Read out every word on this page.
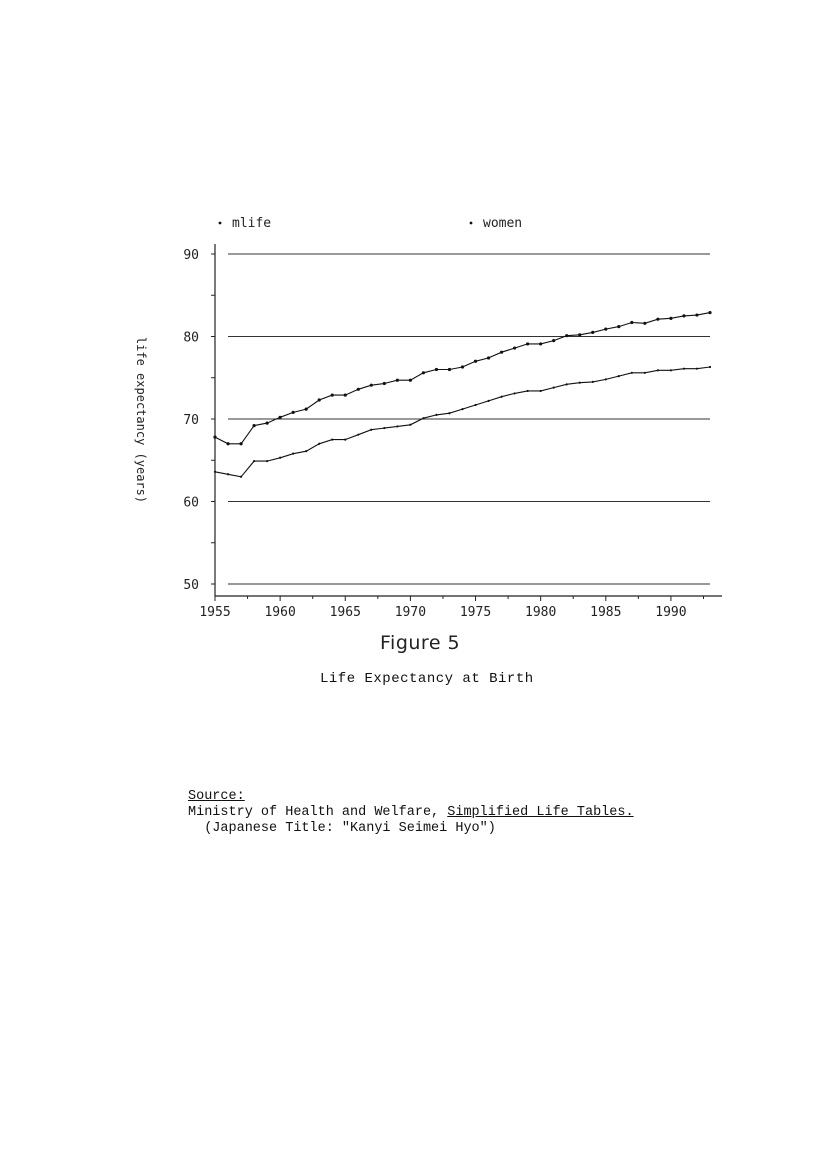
1955	1960	1965	1970	1975	1980	1985	1990
50
60
70
80
90
mlife	women
life expectancy (years)
Figure 5
Life Expectancy at Birth
Source:
Ministry of Health and Welfare, Simplified Life Tables.
(Japanese Title: "Kanyi Seimei Hyo")
